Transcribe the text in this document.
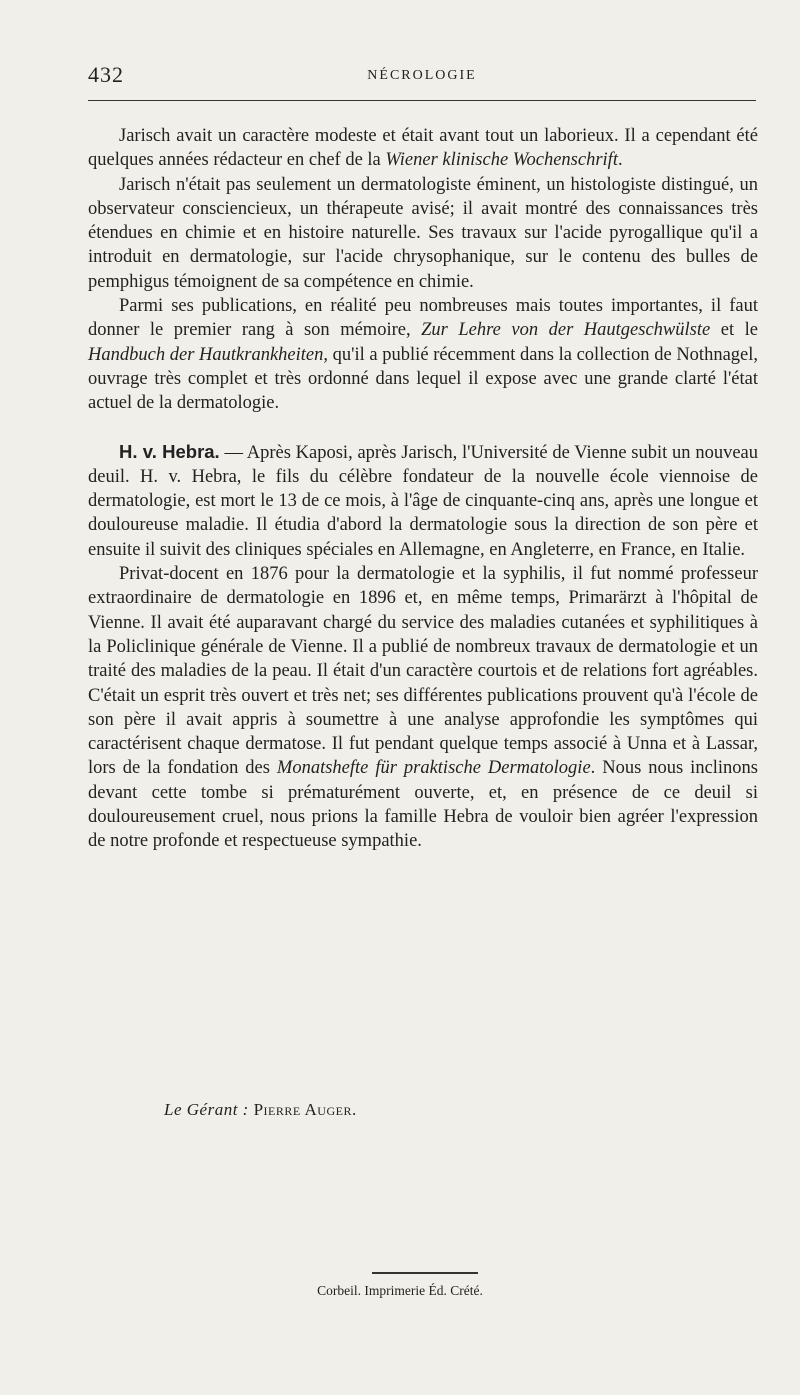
432	NÉCROLOGIE

Jarisch avait un caractère modeste et était avant tout un laborieux. Il a cependant été quelques années rédacteur en chef de la Wiener klinische Wochenschrift.

Jarisch n'était pas seulement un dermatologiste éminent, un histologiste distingué, un observateur consciencieux, un thérapeute avisé; il avait montré des connaissances très étendues en chimie et en histoire naturelle. Ses travaux sur l'acide pyrogallique qu'il a introduit en dermatologie, sur l'acide chrysophanique, sur le contenu des bulles de pemphigus témoignent de sa compétence en chimie.

Parmi ses publications, en réalité peu nombreuses mais toutes importantes, il faut donner le premier rang à son mémoire, Zur Lehre von der Hautgeschwülste et le Handbuch der Hautkrankheiten, qu'il a publié récemment dans la collection de Nothnagel, ouvrage très complet et très ordonné dans lequel il expose avec une grande clarté l'état actuel de la dermatologie.

H. v. Hebra. — Après Kaposi, après Jarisch, l'Université de Vienne subit un nouveau deuil. H. v. Hebra, le fils du célèbre fondateur de la nouvelle école viennoise de dermatologie, est mort le 13 de ce mois, à l'âge de cinquante-cinq ans, après une longue et douloureuse maladie. Il étudia d'abord la dermatologie sous la direction de son père et ensuite il suivit des cliniques spéciales en Allemagne, en Angleterre, en France, en Italie.

Privat-docent en 1876 pour la dermatologie et la syphilis, il fut nommé professeur extraordinaire de dermatologie en 1896 et, en même temps, Primarärzt à l'hôpital de Vienne. Il avait été auparavant chargé du service des maladies cutanées et syphilitiques à la Policlinique générale de Vienne. Il a publié de nombreux travaux de dermatologie et un traité des maladies de la peau. Il était d'un caractère courtois et de relations fort agréables. C'était un esprit très ouvert et très net; ses différentes publications prouvent qu'à l'école de son père il avait appris à soumettre à une analyse approfondie les symptômes qui caractérisent chaque dermatose. Il fut pendant quelque temps associé à Unna et à Lassar, lors de la fondation des Monatshefte für praktische Dermatologie. Nous nous inclinons devant cette tombe si prématurément ouverte, et, en présence de ce deuil si douloureusement cruel, nous prions la famille Hebra de vouloir bien agréer l'expression de notre profonde et respectueuse sympathie.

Le Gérant : Pierre Auger.
Corbeil. Imprimerie Éd. Crété.
